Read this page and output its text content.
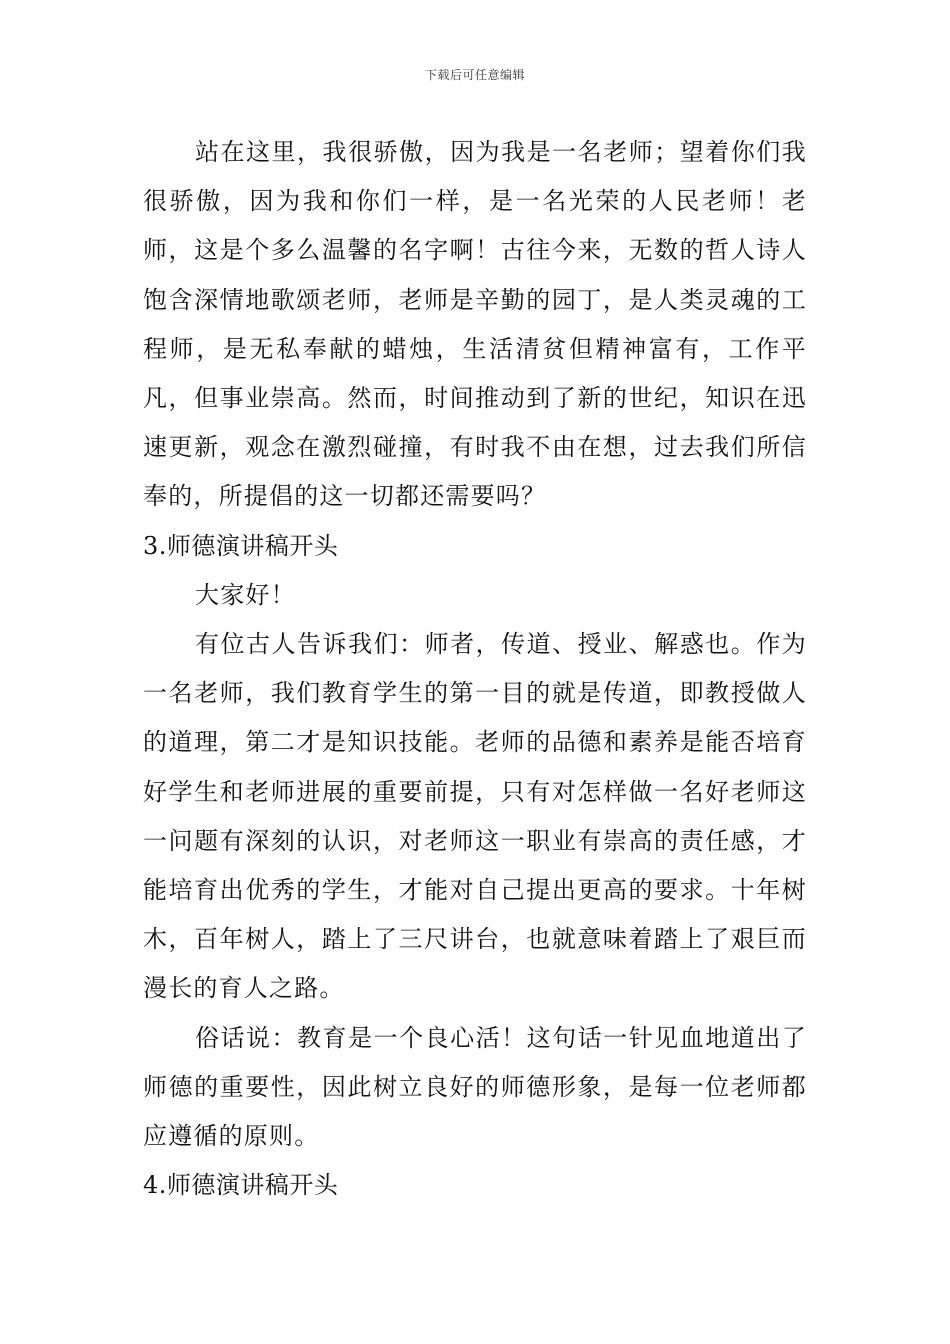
下载后可任意编辑

站在这里，我很骄傲，因为我是一名老师；望着你们我很骄傲，因为我和你们一样，是一名光荣的人民老师！老师，这是个多么温馨的名字啊！古往今来，无数的哲人诗人饱含深情地歌颂老师，老师是辛勤的园丁，是人类灵魂的工程师，是无私奉献的蜡烛，生活清贫但精神富有，工作平凡，但事业崇高。然而，时间推动到了新的世纪，知识在迅速更新，观念在激烈碰撞，有时我不由在想，过去我们所信奉的，所提倡的这一切都还需要吗？

3.师德演讲稿开头

大家好！

有位古人告诉我们：师者，传道、授业、解惑也。作为一名老师，我们教育学生的第一目的就是传道，即教授做人的道理，第二才是知识技能。老师的品德和素养是能否培育好学生和老师进展的重要前提，只有对怎样做一名好老师这一问题有深刻的认识，对老师这一职业有崇高的责任感，才能培育出优秀的学生，才能对自己提出更高的要求。十年树木，百年树人，踏上了三尺讲台，也就意味着踏上了艰巨而漫长的育人之路。

俗话说：教育是一个良心活！这句话一针见血地道出了师德的重要性，因此树立良好的师德形象，是每一位老师都应遵循的原则。

4.师德演讲稿开头
